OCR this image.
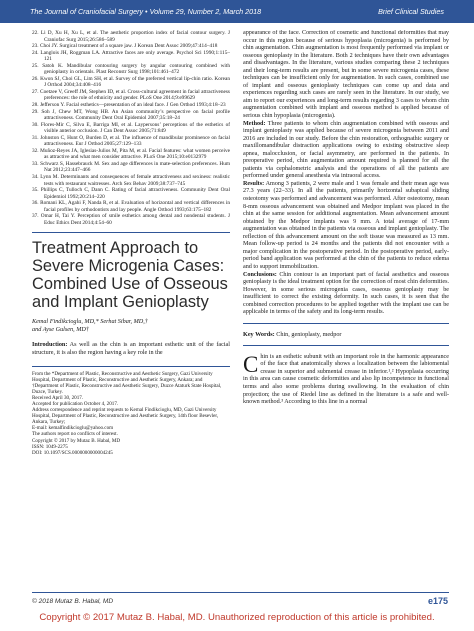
The Journal of Craniofacial Surgery • Volume 29, Number 2, March 2018	Brief Clinical Studies

22. Li D, Xu H, Xu L, et al. The aesthetic proportion index of facial contour surgery. J Craniofac Surg 2015;26:586–589

23. Choi JY. Surgical treatment of a square jaw. J Korean Dent Assoc 2009;47:414–418

24. Langlois JH, Roggman LA. Attractive faces are only average. Psychol Sci 1990;1:115–121

25. Satoh K. Mandibular contouring surgery by angular contouring combined with genioplasty in orientals. Plast Reconstr Surg 1998;101:461–472

26. Kwon SJ, Choi GL, Lim SH, et al. Survey of the preferred vertical lip-chin ratio. Korean J Orthod 2004;34:408–416

27. Coetzee V, Greeff JM, Stephen ID, et al. Cross-cultural agreement in facial attractiveness preferences: the role of ethnicity and gender. PLoS One 2014;9:e99629

28. Jefferson Y. Facial esthetics—presentation of an ideal face. J Gen Orthod 1993;4:18–23

29. Soh J, Chew MT, Wong HB. An Asian community’s perspective on facial profile attractiveness. Community Dent Oral Epidemiol 2007;35:18–24

30. Flores-Mir C, Silva E, Barriga MI, et al. Laypersons’ perceptions of the esthetics of visible anterior occlusion. J Can Dent Assoc 2005;71:849

31. Johnston C, Hunt O, Burden D, et al. The influence of mandibular prominence on facial attractiveness. Eur J Orthod 2005;27:129–133

32. Muñoz-Reyes JA, Iglesias-Julios M, Pita M, et al. Facial features: what women perceive as attractive and what men consider attractive. PLoS One 2015;10:e0132979

33. Schwarz S, Hassebrauck M. Sex and age differences in mate-selection preferences. Hum Nat 2012;23:447–466

34. Lynn M. Determinants and consequences of female attractiveness and sexiness: realistic tests with restaurant waitresses. Arch Sex Behav 2009;38:737–745

35. Phillips C, Tulloch C, Dann C. Rating of facial attractiveness. Community Dent Oral Epidemiol 1992;20:214–220

36. Romani KL, Agahi F, Nanda R, et al. Evaluation of horizontal and vertical differences in facial profiles by orthodontists and lay people. Angle Orthod 1993;63:175–182

37. Omar H, Tai Y. Perception of smile esthetics among dental and nondental students. J Educ Ethics Dent 2014;4:54–60

Treatment Approach to Severe Microgenia Cases: Combined Use of Osseous and Implant Genioplasty
Kemal Findikcioglu, MD,* Serhat Sibar, MD,†
and Ayse Gulsen, MD†

Introduction: As well as the chin is an important esthetic unit of the facial structure, it is also the region having a key role in the

From the *Department of Plastic, Reconstructive and Aesthetic Surgery, Gazi University Hospital, Department of Plastic, Reconstructive and Aesthetic Surgery, Ankara; and †Department of Plastic, Reconstructive and Aesthetic Surgery, Duzce Ataturk State Hospital, Duzce, Turkey.

Received April 30, 2017.

Accepted for publication October 4, 2017.

Address correspondence and reprint requests to Kemal Findikcioglu, MD, Gazi University Hospital, Department of Plastic, Reconstructive and Aesthetic Surgery, 14th floor Besevler, Ankara, Turkey;

E-mail: kemalfindikcioglu@yahoo.com

The authors report no conflicts of interest.

Copyright © 2017 by Mutaz B. Habal, MD

ISSN: 1049-2275

DOI: 10.1097/SCS.0000000000004245

appearance of the face. Correction of cosmetic and functional deformities that may occur in this region because of serious hypoplasia (microgenia) is performed by chin augmentation. Chin augmentation is most frequently performed via implant or osseous genioplasty in the literature. Both 2 techniques have their own advantages and disadvantages. In the literature, various studies comparing these 2 techniques and their long-term results are present, but in some severe microgenia cases, these techniques can be insufficient only for augmentation. In such cases, combined use of implant and osseous genioplasty techniques can come up and data and experiences regarding such cases are rarely seen in the literature. In our study, we aim to report our experiences and long-term results regarding 3 cases to whom chin augmentation combined with implant and osseous method is applied because of serious chin hypoplasia (microgenia).

Method: Three patients to whom chin augmentation combined with osseous and implant genioplasty was applied because of severe microgenia between 2011 and 2016 are included in our study. Before the chin restoration, orthognathic surgery or maxillomandibular distraction applications owing to existing obstructive sleep apnea, malocclusion, or facial asymmetry, are performed in the patients. In preoperative period, chin augmentation amount required is planned for all the patients via cephalometric analysis and the operations of all the patients are performed under general anesthesia via intraoral access.

Results: Among 3 patients, 2 were male and 1 was female and their mean age was 27.3 years (22–33). In all the patients, primarily horizontal subapical sliding osteotomy was performed and advancement was performed. After osteotomy, mean 8-mm osseous advancement was obtained and Medpor implant was placed in the chin at the same session for additional augmentation. Mean advancement amount obtained by the Medpor implants was 9 mm. A total average of 17-mm augmentation was obtained in the patients via osseous and implant genioplasty. The reflection of this advancement amount on the soft tissue was measured as 13 mm. Mean follow-up period is 24 months and the patients did not encounter with a major complication in the postoperative period. In the postoperative period, early-period band application was performed at the chin of the patients to reduce edema and to support immobilization.

Conclusions: Chin contour is an important part of facial aesthetics and osseous genioplasty is the ideal treatment option for the correction of most chin deformities. However, in some serious microgenia cases, osseous genioplasty may be insufficient to correct the existing deformity. In such cases, it is seen that the combined correction procedures to be applied together with the implant use can be applicable in terms of the safety and its long-term results.

Key Words: Chin, genioplasty, medpor

Chin is an esthetic subunit with an important role in the harmonic appearance of the face that anatomically shows a localization between the labiomental crease in superior and submental crease in inferior.¹,² Hypoplasia occurring in this area can cause cosmetic deformities and also lip incompetence in functional terms and also some problems during swallowing. In the evaluation of chin projection; the use of Riedel line as defined in the literature is a safe and well-known method.³ According to this line in a normal

© 2018 Mutaz B. Habal, MD	e175
Copyright © 2017 Mutaz B. Habal, MD. Unauthorized reproduction of this article is prohibited.
